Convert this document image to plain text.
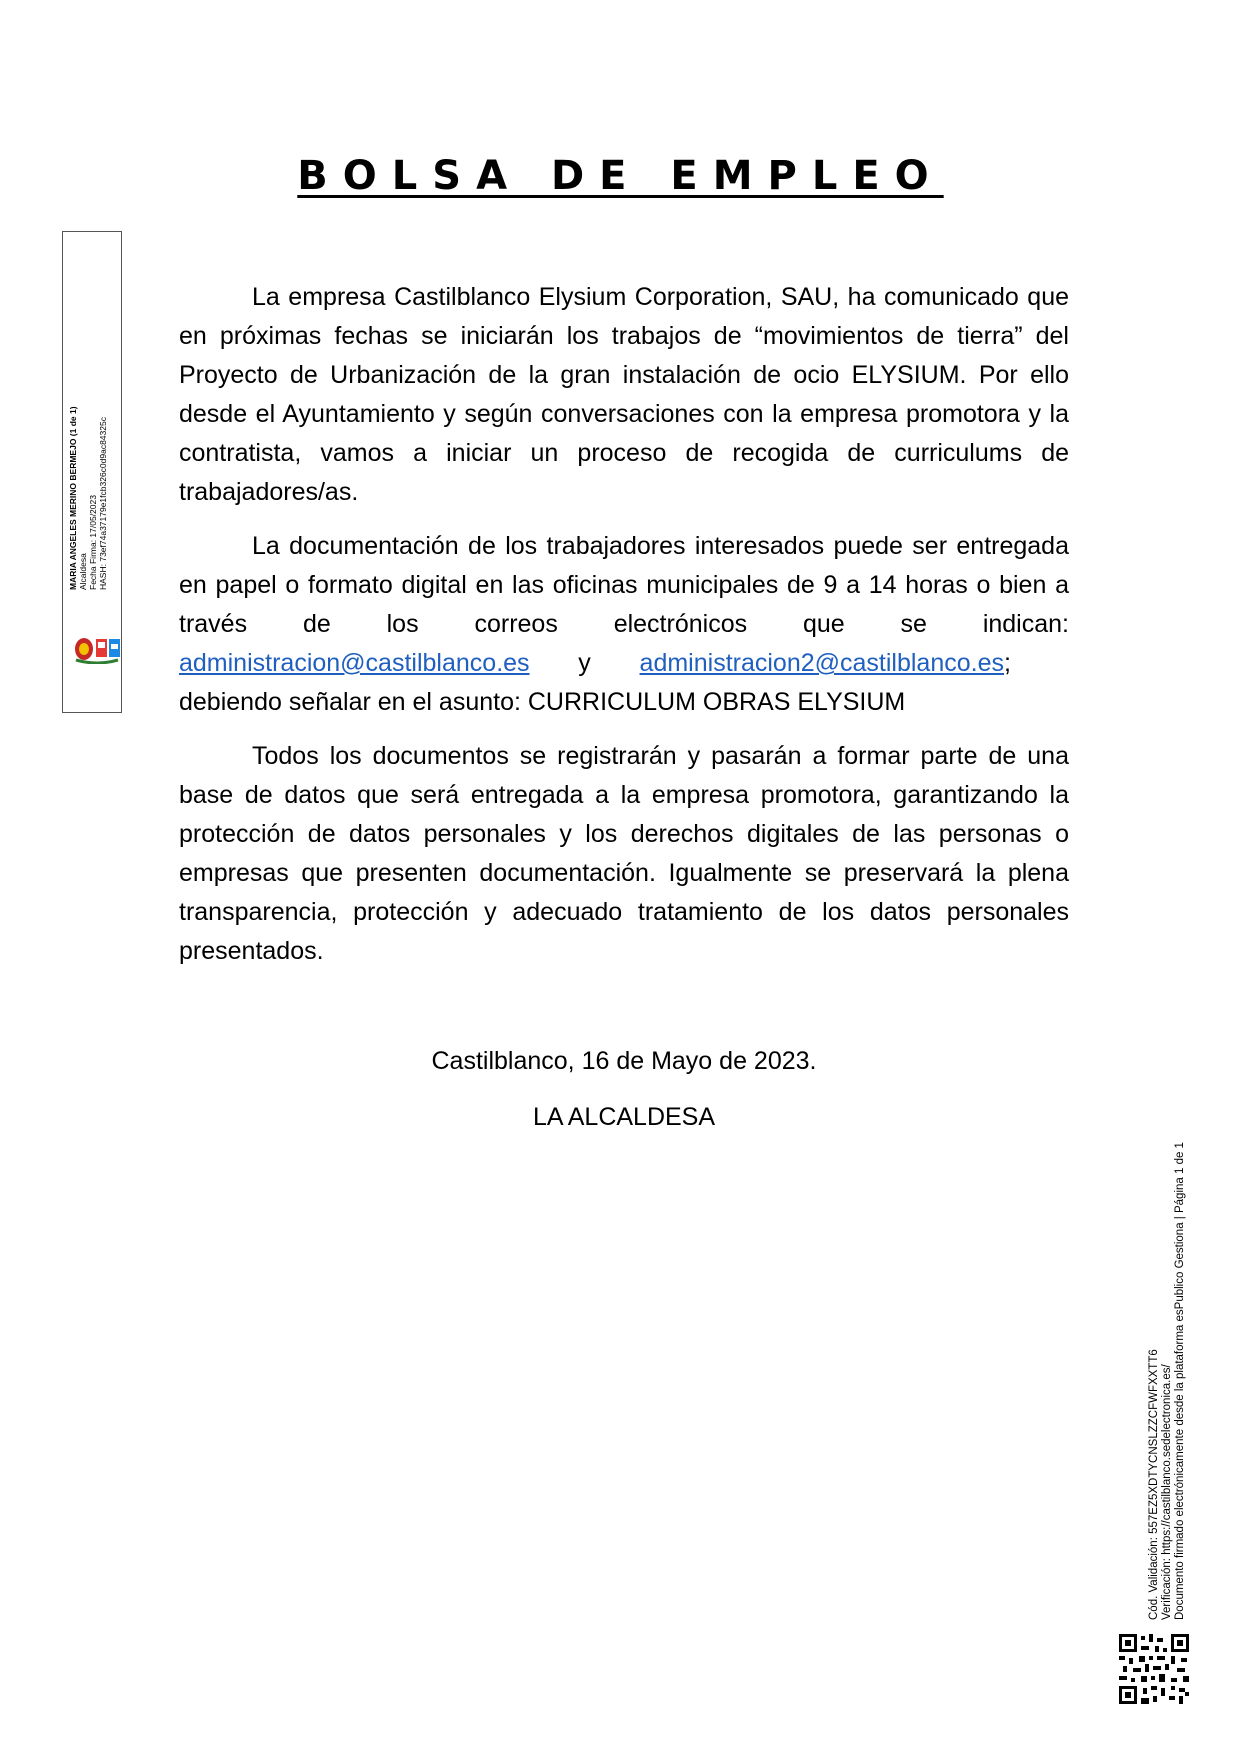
BOLSA DE EMPLEO

La empresa Castilblanco Elysium Corporation, SAU, ha comunicado que en próximas fechas se iniciarán los trabajos de “movimientos de tierra” del Proyecto de Urbanización de la gran instalación de ocio ELYSIUM. Por ello desde el Ayuntamiento y según conversaciones con la empresa promotora y la contratista, vamos a iniciar un proceso de recogida de curriculums de trabajadores/as.

La documentación de los trabajadores interesados puede ser entregada en papel o formato digital en las oficinas municipales de 9 a 14 horas o bien a través de los correos electrónicos que se indican: administracion@castilblanco.es y administracion2@castilblanco.es; debiendo señalar en el asunto: CURRICULUM OBRAS ELYSIUM

Todos los documentos se registrarán y pasarán a formar parte de una base de datos que será entregada a la empresa promotora, garantizando la protección de datos personales y los derechos digitales de las personas o empresas que presenten documentación. Igualmente se preservará la plena transparencia, protección y adecuado tratamiento de los datos personales presentados.

Castilblanco, 16 de Mayo de 2023.
LA ALCALDESA
MARIA ANGELES MERINO BERMEJO (1 de 1) Alcaldesa Fecha Firma: 17/05/2023 HASH: 73ef74a37179e1fcb326c0d9ac84325c
Cód. Validación: 557EZ5XDTYCNSLZZCFWFXXTT6 Verificación: https://castilblanco.sedelectronica.es/ Documento firmado electrónicamente desde la plataforma esPublico Gestiona | Página 1 de 1
